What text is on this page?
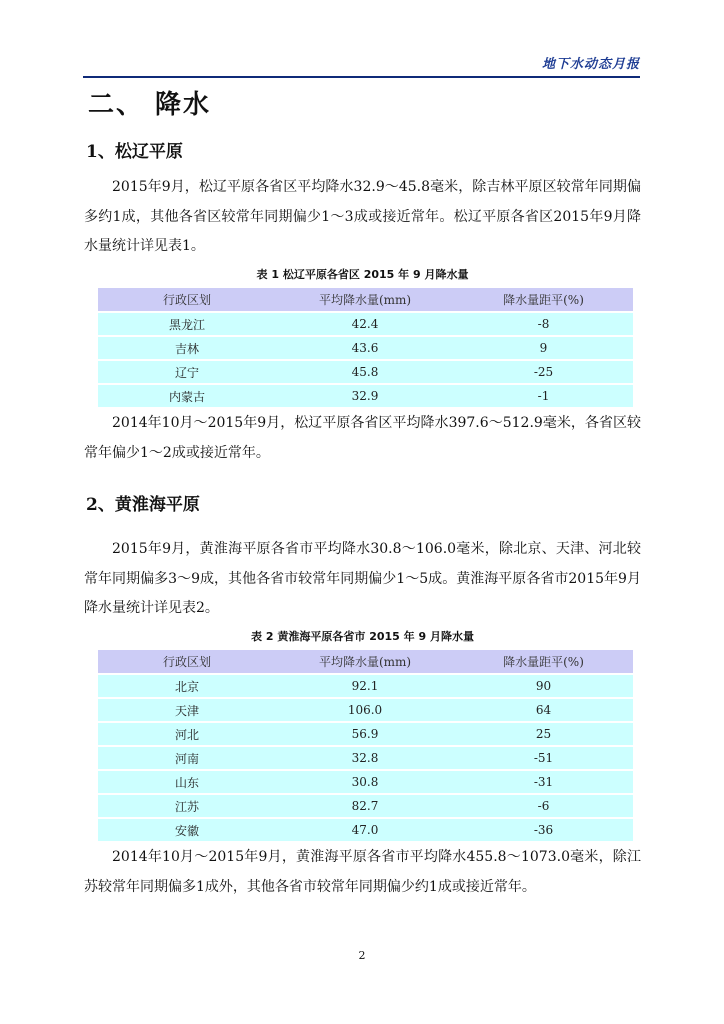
地下水动态月报
二、 降水
1、松辽平原

2015年9月，松辽平原各省区平均降水32.9～45.8毫米，除吉林平原区较常年同期偏多约1成，其他各省区较常年同期偏少1～3成或接近常年。松辽平原各省区2015年9月降水量统计详见表1。

表 1 松辽平原各省区 2015 年 9 月降水量
行政区划	平均降水量(mm)	降水量距平(%)
黑龙江	42.4	-8
吉林	43.6	9
辽宁	45.8	-25
内蒙古	32.9	-1

2014年10月～2015年9月，松辽平原各省区平均降水397.6～512.9毫米，各省区较常年偏少1～2成或接近常年。

2、黄淮海平原

2015年9月，黄淮海平原各省市平均降水30.8～106.0毫米，除北京、天津、河北较常年同期偏多3～9成，其他各省市较常年同期偏少1～5成。黄淮海平原各省市2015年9月降水量统计详见表2。

表 2 黄淮海平原各省市 2015 年 9 月降水量
行政区划	平均降水量(mm)	降水量距平(%)
北京	92.1	90
天津	106.0	64
河北	56.9	25
河南	32.8	-51
山东	30.8	-31
江苏	82.7	-6
安徽	47.0	-36

2014年10月～2015年9月，黄淮海平原各省市平均降水455.8～1073.0毫米，除江苏较常年同期偏多1成外，其他各省市较常年同期偏少约1成或接近常年。

2
